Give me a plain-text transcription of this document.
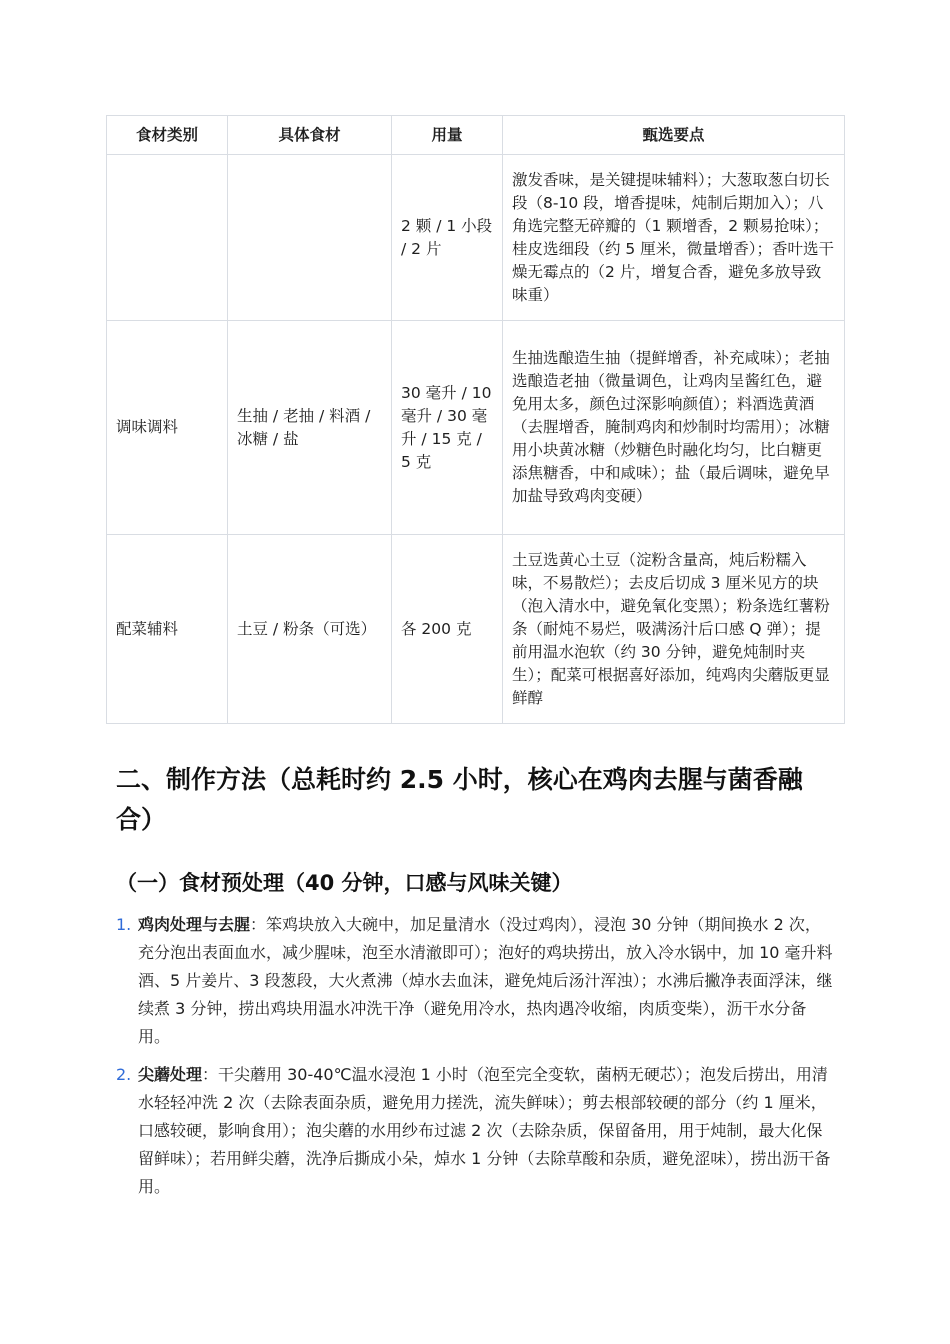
食材类别	具体食材	用量	甄选要点
		2 颗 / 1 小段 / 2 片	激发香味，是关键提味辅料）；大葱取葱白切长段（8-10 段，增香提味，炖制后期加入）；八角选完整无碎瓣的（1 颗增香，2 颗易抢味）；桂皮选细段（约 5 厘米，微量增香）；香叶选干燥无霉点的（2 片，增复合香，避免多放导致味重）
调味调料	生抽 / 老抽 / 料酒 / 冰糖 / 盐	30 毫升 / 10 毫升 / 30 毫升 / 15 克 / 5 克	生抽选酿造生抽（提鲜增香，补充咸味）；老抽选酿造老抽（微量调色，让鸡肉呈酱红色，避免用太多，颜色过深影响颜值）；料酒选黄酒（去腥增香，腌制鸡肉和炒制时均需用）；冰糖用小块黄冰糖（炒糖色时融化均匀，比白糖更添焦糖香，中和咸味）；盐（最后调味，避免早加盐导致鸡肉变硬）
配菜辅料	土豆 / 粉条（可选）	各 200 克	土豆选黄心土豆（淀粉含量高，炖后粉糯入味，不易散烂）；去皮后切成 3 厘米见方的块（泡入清水中，避免氧化变黑）；粉条选红薯粉条（耐炖不易烂，吸满汤汁后口感 Q 弹）；提前用温水泡软（约 30 分钟，避免炖制时夹生）；配菜可根据喜好添加，纯鸡肉尖蘑版更显鲜醇
二、制作方法（总耗时约 2.5 小时，核心在鸡肉去腥与菌香融合）
（一）食材预处理（40 分钟，口感与风味关键）
1. 鸡肉处理与去腥：笨鸡块放入大碗中，加足量清水（没过鸡肉），浸泡 30 分钟（期间换水 2 次，充分泡出表面血水，减少腥味，泡至水清澈即可）；泡好的鸡块捞出，放入冷水锅中，加 10 毫升料酒、5 片姜片、3 段葱段，大火煮沸（焯水去血沫，避免炖后汤汁浑浊）；水沸后撇净表面浮沫，继续煮 3 分钟，捞出鸡块用温水冲洗干净（避免用冷水，热肉遇冷收缩，肉质变柴），沥干水分备用。
2. 尖蘑处理：干尖蘑用 30-40℃温水浸泡 1 小时（泡至完全变软，菌柄无硬芯）；泡发后捞出，用清水轻轻冲洗 2 次（去除表面杂质，避免用力搓洗，流失鲜味）；剪去根部较硬的部分（约 1 厘米，口感较硬，影响食用）；泡尖蘑的水用纱布过滤 2 次（去除杂质，保留备用，用于炖制，最大化保留鲜味）；若用鲜尖蘑，洗净后撕成小朵，焯水 1 分钟（去除草酸和杂质，避免涩味），捞出沥干备用。
